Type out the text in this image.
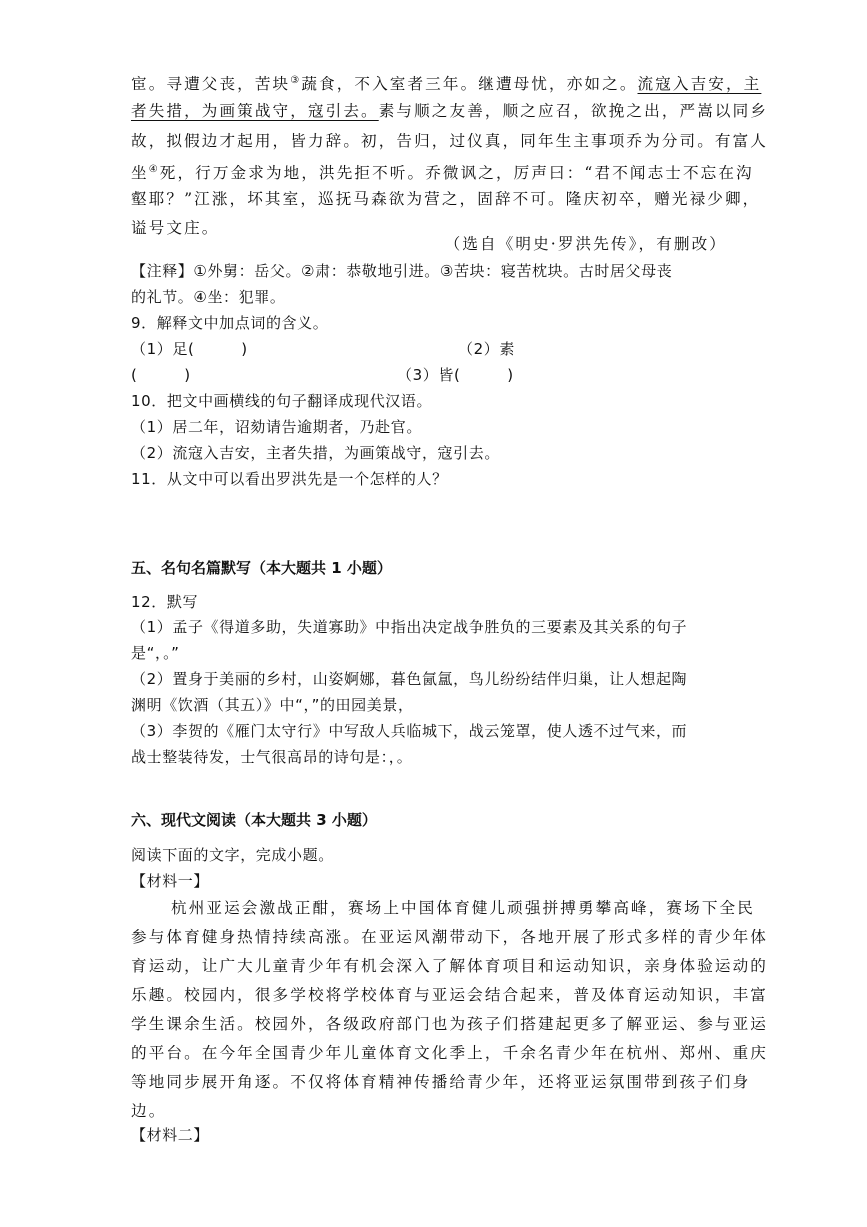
宦。寻遭父丧，苦块③蔬食，不入室者三年。继遭母忧，亦如之。流寇入吉安，主
者失措，为画策战守，寇引去。素与顺之友善，顺之应召，欲挽之出，严嵩以同乡
故，拟假边才起用，皆力辞。初，告归，过仪真，同年生主事项乔为分司。有富人
坐④死，行万金求为地，洪先拒不听。乔微讽之，厉声曰：“君不闻志士不忘在沟
壑耶？”江涨，坏其室，巡抚马森欲为营之，固辞不可。隆庆初卒，赠光禄少卿，
谥号文庄。
（选自《明史·罗洪先传》，有删改）
【注释】①外舅：岳父。②肃：恭敬地引进。③苦块：寝苦枕块。古时居父母丧
的礼节。④坐：犯罪。
9．解释文中加点词的含义。
（1）足(　　　)	（2）素
(　　　)	（3）皆(　　　)
10．把文中画横线的句子翻译成现代汉语。
（1）居二年，诏劾请告逾期者，乃赴官。
（2）流寇入吉安，主者失措，为画策战守，寇引去。
11．从文中可以看出罗洪先是一个怎样的人？
五、名句名篇默写（本大题共 1 小题）
12．默写
（1）孟子《得道多助，失道寡助》中指出决定战争胜负的三要素及其关系的句子
是“，。”
（2）置身于美丽的乡村，山姿婀娜，暮色氤氲，鸟儿纷纷结伴归巢，让人想起陶
渊明《饮酒（其五）》中“，”的田园美景，
（3）李贺的《雁门太守行》中写敌人兵临城下，战云笼罩，使人透不过气来，而
战士整装待发，士气很高昂的诗句是：，。
六、现代文阅读（本大题共 3 小题）
阅读下面的文字，完成小题。
【材料一】
杭州亚运会激战正酣，赛场上中国体育健儿顽强拼搏勇攀高峰，赛场下全民
参与体育健身热情持续高涨。在亚运风潮带动下，各地开展了形式多样的青少年体
育运动，让广大儿童青少年有机会深入了解体育项目和运动知识，亲身体验运动的
乐趣。校园内，很多学校将学校体育与亚运会结合起来，普及体育运动知识，丰富
学生课余生活。校园外，各级政府部门也为孩子们搭建起更多了解亚运、参与亚运
的平台。在今年全国青少年儿童体育文化季上，千余名青少年在杭州、郑州、重庆
等地同步展开角逐。不仅将体育精神传播给青少年，还将亚运氛围带到孩子们身
边。
【材料二】
